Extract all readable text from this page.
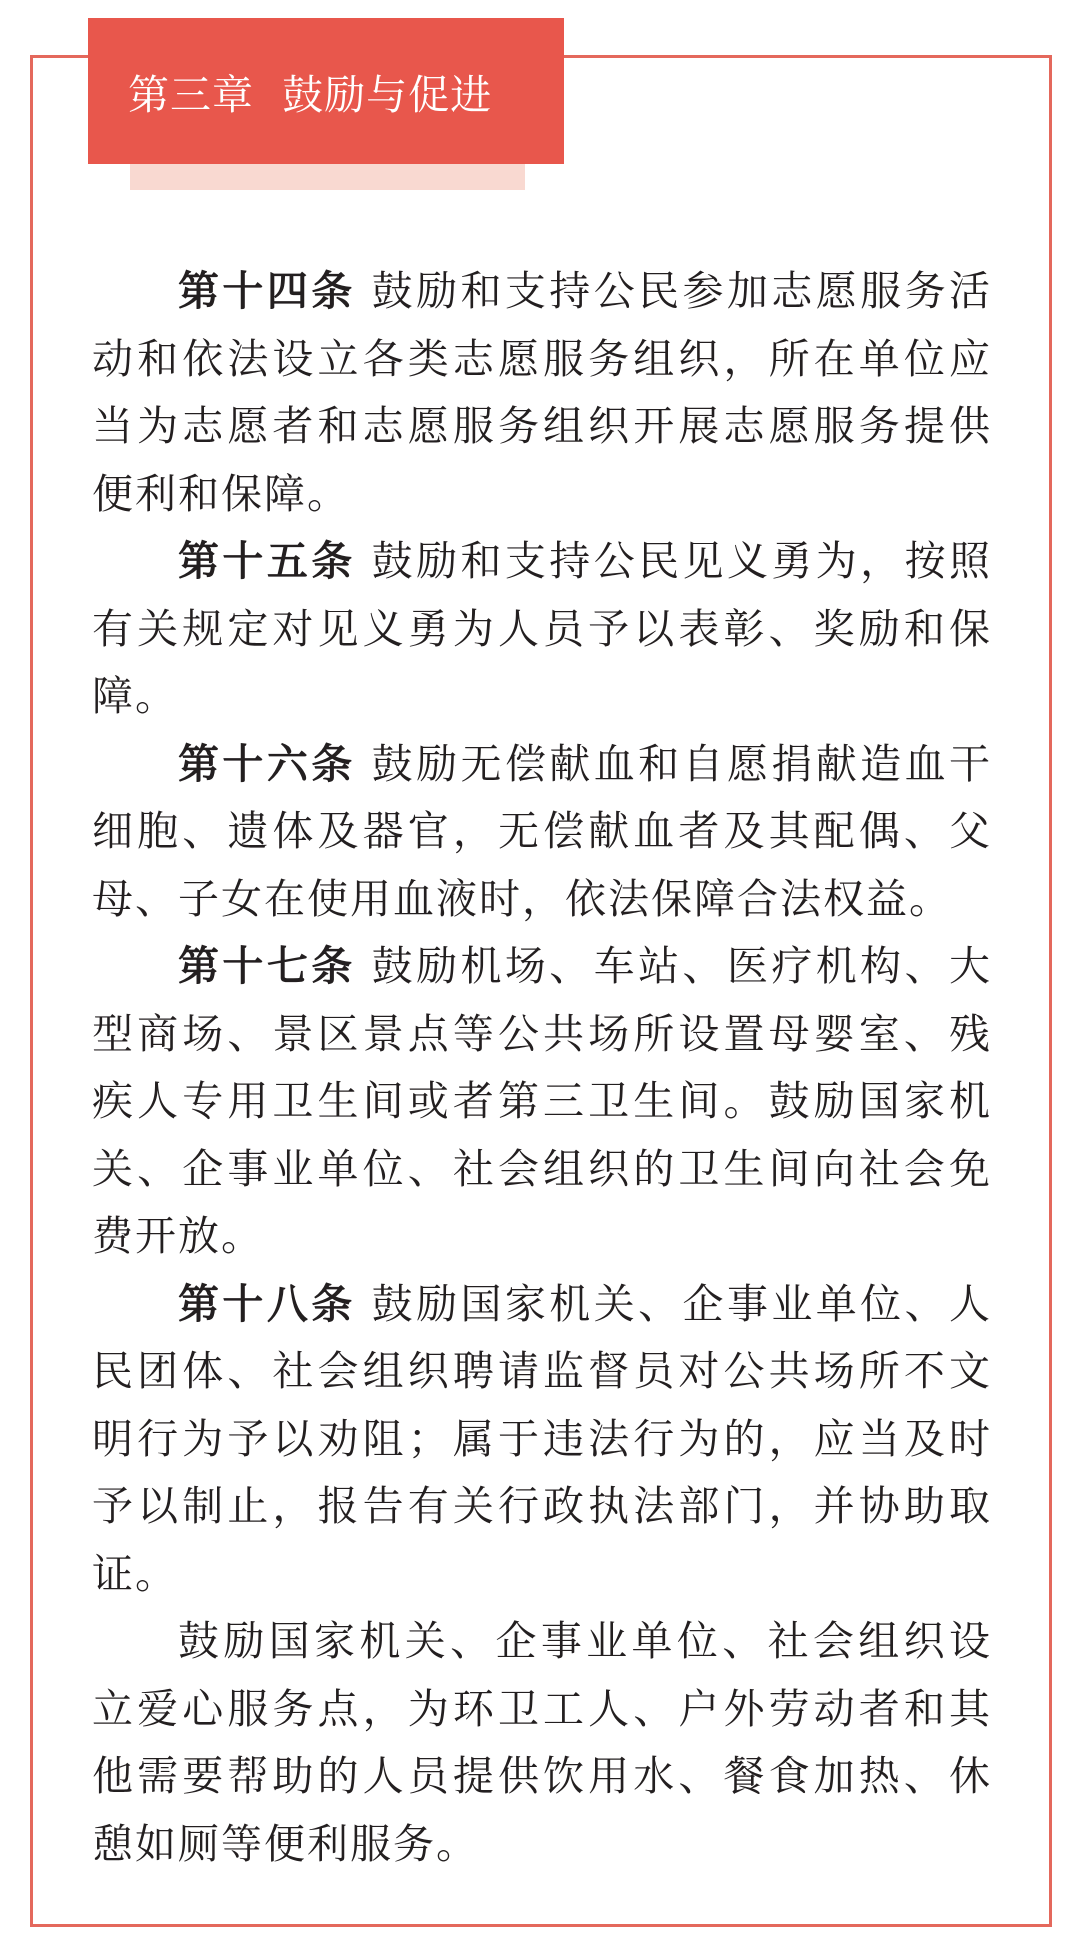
第三章  鼓励与促进

第十四条 鼓励和支持公民参加志愿服务活动和依法设立各类志愿服务组织，所在单位应当为志愿者和志愿服务组织开展志愿服务提供便利和保障。

第十五条 鼓励和支持公民见义勇为，按照有关规定对见义勇为人员予以表彰、奖励和保障。

第十六条 鼓励无偿献血和自愿捐献造血干细胞、遗体及器官，无偿献血者及其配偶、父母、子女在使用血液时，依法保障合法权益。

第十七条 鼓励机场、车站、医疗机构、大型商场、景区景点等公共场所设置母婴室、残疾人专用卫生间或者第三卫生间。鼓励国家机关、企事业单位、社会组织的卫生间向社会免费开放。

第十八条 鼓励国家机关、企事业单位、人民团体、社会组织聘请监督员对公共场所不文明行为予以劝阻；属于违法行为的，应当及时予以制止，报告有关行政执法部门，并协助取证。

鼓励国家机关、企事业单位、社会组织设立爱心服务点，为环卫工人、户外劳动者和其他需要帮助的人员提供饮用水、餐食加热、休憩如厕等便利服务。
